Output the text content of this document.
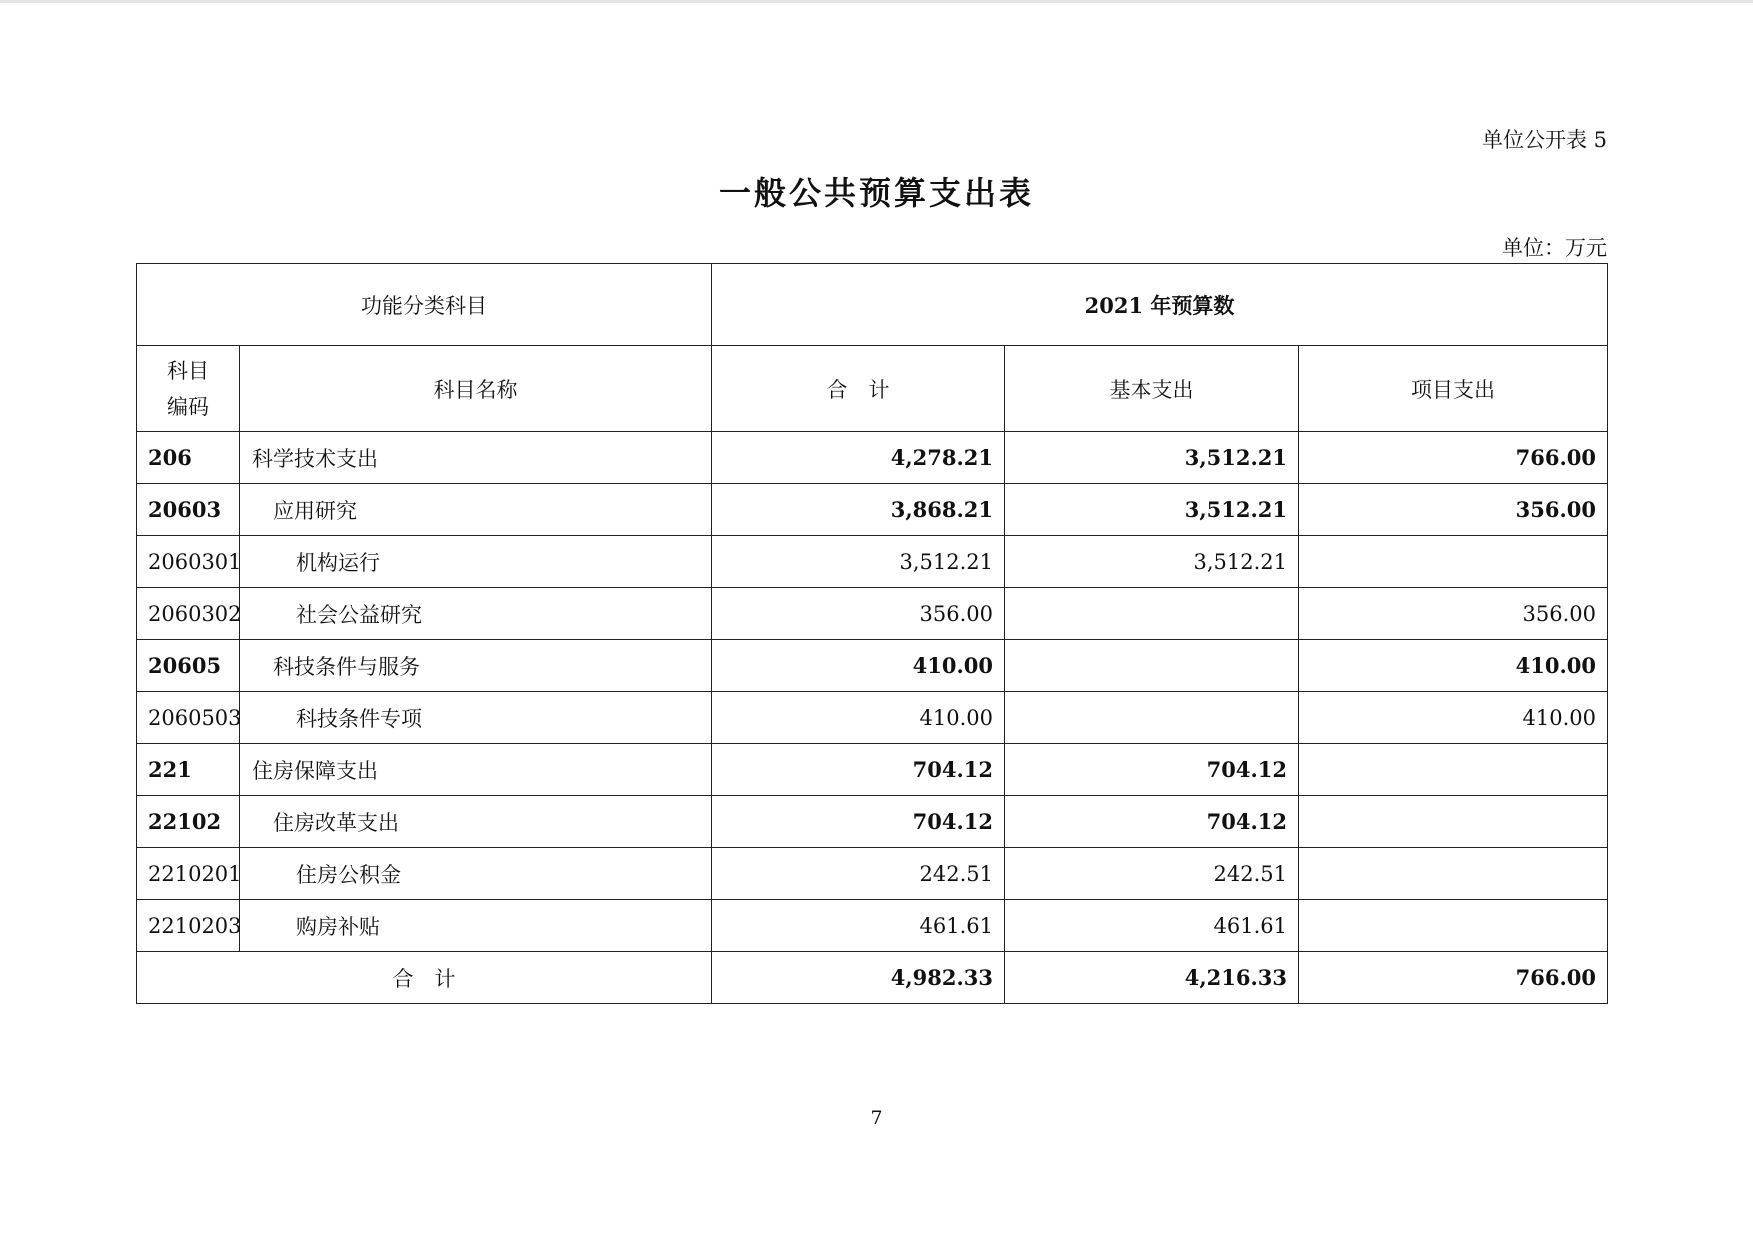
单位公开表 5
一般公共预算支出表
单位：万元
功能分类科目		2021 年预算数		
科目
编码	科目名称	合　计	基本支出	项目支出
206	科学技术支出	4,278.21	3,512.21	766.00
20603	应用研究	3,868.21	3,512.21	356.00
2060301	机构运行	3,512.21	3,512.21	
2060302	社会公益研究	356.00		356.00
20605	科技条件与服务	410.00		410.00
2060503	科技条件专项	410.00		410.00
221	住房保障支出	704.12	704.12	
22102	住房改革支出	704.12	704.12	
2210201	住房公积金	242.51	242.51	
2210203	购房补贴	461.61	461.61	
合　计		4,982.33	4,216.33	766.00
7
